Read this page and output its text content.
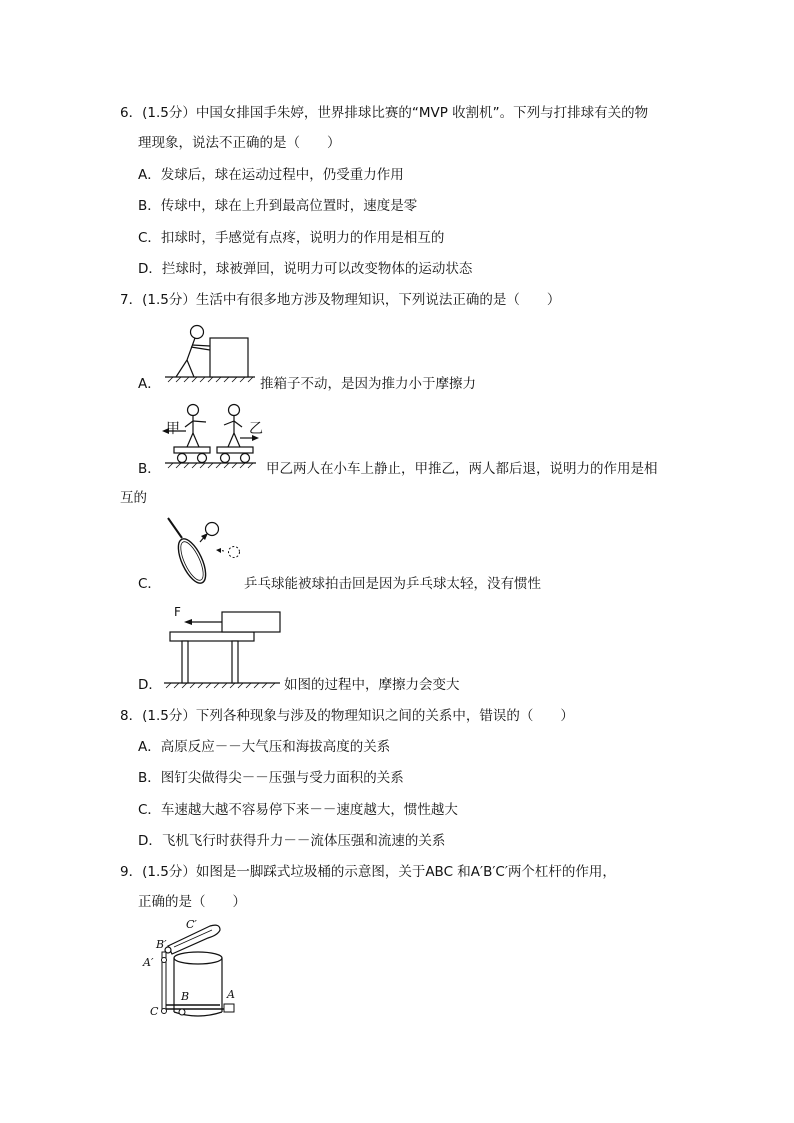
6．(1.5分）中国女排国手朱婷，世界排球比赛的“MVP 收割机”。下列与打排球有关的物
理现象，说法不正确的是（　　）
A．发球后，球在运动过程中，仍受重力作用
B．传球中，球在上升到最高位置时，速度是零
C．扣球时，手感觉有点疼，说明力的作用是相互的
D．拦球时，球被弹回，说明力可以改变物体的运动状态
7．(1.5分）生活中有很多地方涉及物理知识，下列说法正确的是（　　）
A．	推箱子不动，是因为推力小于摩擦力
甲	乙
B．	甲乙两人在小车上静止，甲推乙，两人都后退，说明力的作用是相
互的
C．	乒乓球能被球拍击回是因为乒乓球太轻，没有惯性
F
D．	如图的过程中，摩擦力会变大
8．(1.5分）下列各种现象与涉及的物理知识之间的关系中，错误的（　　）
A．高原反应－－大气压和海拔高度的关系
B．图钉尖做得尖－－压强与受力面积的关系
C．车速越大越不容易停下来－－速度越大，惯性越大
D．飞机飞行时获得升力－－流体压强和流速的关系
9．(1.5分）如图是一脚踩式垃圾桶的示意图，关于ABC 和A′B′C′两个杠杆的作用，
正确的是（　　）
C′
B′
A′
B	A
C
